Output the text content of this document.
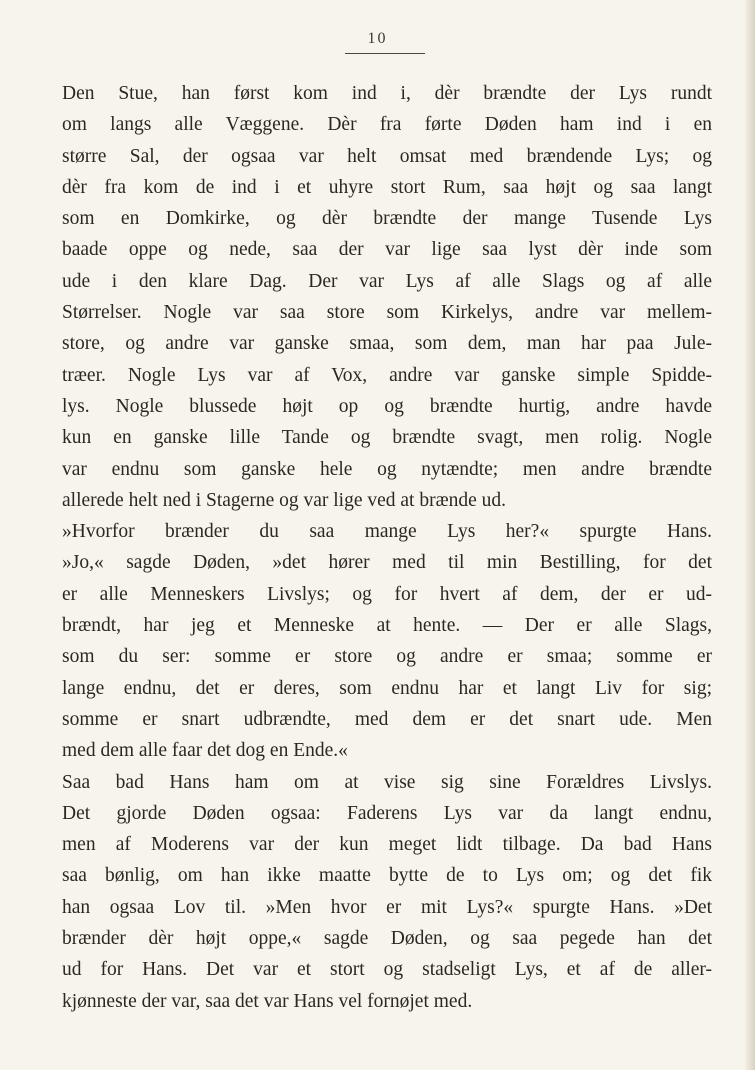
10
Den Stue, han først kom ind i, dèr brændte der Lys rundt
om langs alle Væggene. Dèr fra førte Døden ham ind i en
større Sal, der ogsaa var helt omsat med brændende Lys; og
dèr fra kom de ind i et uhyre stort Rum, saa højt og saa langt
som en Domkirke, og dèr brændte der mange Tusende Lys
baade oppe og nede, saa der var lige saa lyst dèr inde som
ude i den klare Dag. Der var Lys af alle Slags og af alle
Størrelser. Nogle var saa store som Kirkelys, andre var mellem-
store, og andre var ganske smaa, som dem, man har paa Jule-
træer. Nogle Lys var af Vox, andre var ganske simple Spidde-
lys. Nogle blussede højt op og brændte hurtig, andre havde
kun en ganske lille Tande og brændte svagt, men rolig. Nogle
var endnu som ganske hele og nytændte; men andre brændte
allerede helt ned i Stagerne og var lige ved at brænde ud.
»Hvorfor brænder du saa mange Lys her?« spurgte Hans.
»Jo,« sagde Døden, »det hører med til min Bestilling, for det
er alle Menneskers Livslys; og for hvert af dem, der er ud-
brændt, har jeg et Menneske at hente. — Der er alle Slags,
som du ser: somme er store og andre er smaa; somme er
lange endnu, det er deres, som endnu har et langt Liv for sig;
somme er snart udbrændte, med dem er det snart ude. Men
med dem alle faar det dog en Ende.«
Saa bad Hans ham om at vise sig sine Forældres Livslys.
Det gjorde Døden ogsaa: Faderens Lys var da langt endnu,
men af Moderens var der kun meget lidt tilbage. Da bad Hans
saa bønlig, om han ikke maatte bytte de to Lys om; og det fik
han ogsaa Lov til. »Men hvor er mit Lys?« spurgte Hans. »Det
brænder dèr højt oppe,« sagde Døden, og saa pegede han det
ud for Hans. Det var et stort og stadseligt Lys, et af de aller-
kjønneste der var, saa det var Hans vel fornøjet med.
